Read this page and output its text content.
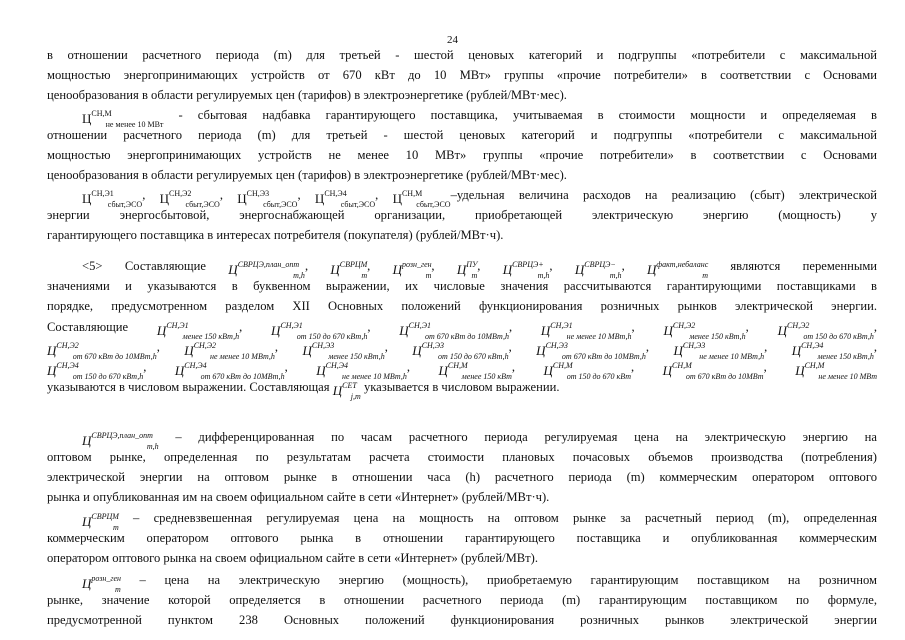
24
в отношении расчетного периода (m) для третьей - шестой ценовых категорий и подгруппы «потребители с максимальной
мощностью энергопринимающих устройств от 670 кВт до 10 МВт» группы «прочие потребители» в соответствии с Основами
ценообразования в области регулируемых цен (тарифов) в электроэнергетике (рублей/МВт·мес).
$Ц^{СН,М}_{не менее 10 МВт}$ - сбытовая надбавка гарантирующего поставщика, учитываемая в стоимости мощности и определяемая в
отношении расчетного периода (m) для третьей - шестой ценовых категорий и подгруппы «потребители с максимальной
мощностью энергопринимающих устройств не менее 10 МВт» группы «прочие потребители» в соответствии с Основами
ценообразования в области регулируемых цен (тарифов) в электроэнергетике (рублей/МВт·мес).
$Ц^{СН,Э1}_{сбыт,ЭСО}$, $Ц^{СН,Э2}_{сбыт,ЭСО}$, $Ц^{СН,Э3}_{сбыт,ЭСО}$, $Ц^{СН,Э4}_{сбыт,ЭСО}$, $Ц^{СН,М}_{сбыт,ЭСО}$–удельная величина расходов на реализацию (сбыт) электрической
энергии энергосбытовой, энергоснабжающей организации, приобретающей электрическую энергию (мощность) у
гарантирующего поставщика в интересах потребителя (покупателя) (рублей/МВт·ч).
<5> Составляющие $Ц^{СВРЦЭ,план\_опт}_{m,h}$, $Ц^{СВРЦМ}_m$, $Ц^{розн\_ген}_m$, $Ц^{ПУ}_m$, $Ц^{СВРЦЭ+}_{m,h}$, $Ц^{СВРЦЭ-}_{m,h}$, $Ц^{факт,небаланс}_m$ являются переменными
значениями и указываются в буквенном выражении, их числовые значения рассчитываются гарантирующими поставщиками в
порядке, предусмотренном разделом XII Основных положений функционирования розничных рынков электрической энергии.
Составляющие $Ц^{СН,Э1}_{менее 150 кВт,h}$, $Ц^{СН,Э1}_{от 150 до 670 кВт,h}$, $Ц^{СН,Э1}_{от 670 кВт до 10МВт,h}$, $Ц^{СН,Э1}_{не менее 10 МВт,h}$, $Ц^{СН,Э2}_{менее 150 кВт,h}$, $Ц^{СН,Э2}_{от 150 до 670 кВт,h}$,
$Ц^{СН,Э2}_{от 670 кВт до 10МВт,h}$, $Ц^{СН,Э2}_{не менее 10 МВт,h}$, $Ц^{СН,Э3}_{менее 150 кВт,h}$, $Ц^{СН,Э3}_{от 150 до 670 кВт,h}$, $Ц^{СН,Э3}_{от 670 кВт до 10МВт,h}$, $Ц^{СН,Э3}_{не менее 10 МВт,h}$, $Ц^{СН,Э4}_{менее 150 кВт,h}$,
$Ц^{СН,Э4}_{от 150 до 670 кВт,h}$, $Ц^{СН,Э4}_{от 670 кВт до 10МВт,h}$, $Ц^{СН,Э4}_{не менее 10 МВт,h}$, $Ц^{СН,М}_{менее 150 кВт}$, $Ц^{СН,М}_{от 150 до 670 кВт}$, $Ц^{СН,М}_{от 670 кВт до 10МВт}$, $Ц^{СН,М}_{не менее 10 МВт}$
указываются в числовом выражении. Составляющая $Ц^{СЕТ}_{j,m}$ указывается в числовом выражении.
$Ц^{СВРЦЭ,план\_опт}_{m,h}$ – дифференцированная по часам расчетного периода регулируемая цена на электрическую энергию на
оптовом рынке, определенная по результатам расчета стоимости плановых почасовых объемов производства (потребления)
электрической энергии на оптовом рынке в отношении часа (h) расчетного периода (m) коммерческим оператором оптового
рынка и опубликованная им на своем официальном сайте в сети «Интернет» (рублей/МВт·ч).
$Ц^{СВРЦМ}_m$ – средневзвешенная регулируемая цена на мощность на оптовом рынке за расчетный период (m), определенная
коммерческим оператором оптового рынка в отношении гарантирующего поставщика и опубликованная коммерческим
оператором оптового рынка на своем официальном сайте в сети «Интернет» (рублей/МВт).
$Ц^{розн\_ген}_m$ – цена на электрическую энергию (мощность), приобретаемую гарантирующим поставщиком на розничном
рынке, значение которой определяется в отношении расчетного периода (m) гарантирующим поставщиком по формуле,
предусмотренной пунктом 238 Основных положений функционирования розничных рынков электрической энергии
